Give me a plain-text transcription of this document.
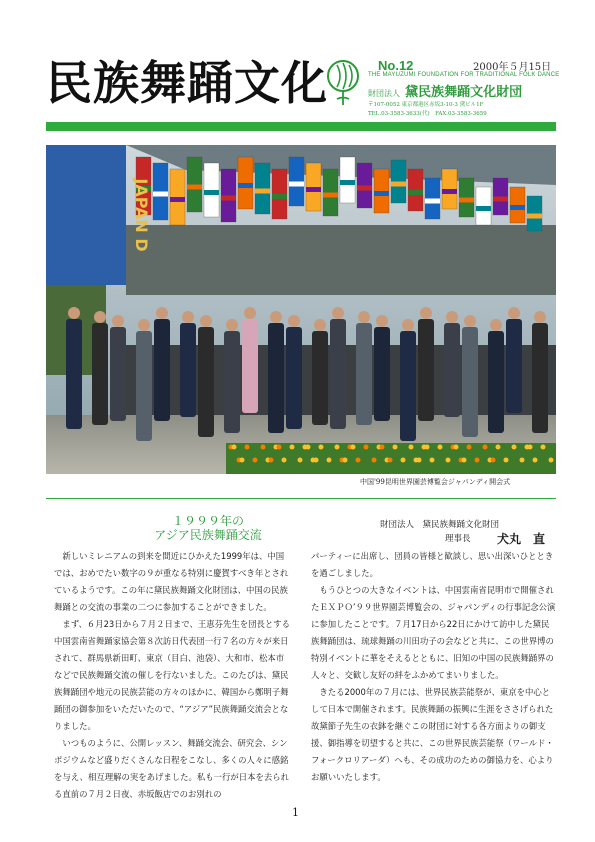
民族舞踊文化	No.12	2000年５月15日
THE MAYUZUMI FOUNDATION FOR TRADITIONAL FOLK DANCE
財団法人 黛民族舞踊文化財団
〒107-0052 東京都港区赤坂3-10-3 黛ビル1F
TEL.03-3583-3633(代)　FAX.03-3583-3659
JAPAN D
中国'99昆明世界園芸博覧会ジャパンディ開会式
１９９９年の
アジア民族舞踊交流
財団法人　黛民族舞踊文化財団
理事長 犬丸　直

新しいミレニアムの到来を間近にひかえた1999年は、中国では、おめでたい数字の９が重なる特別に慶賀すべき年とされているようです。この年に黛民族舞踊文化財団は、中国の民族舞踊との交流の事業の二つに参加することができました。

まず、６月23日から７月２日まで、王恵芬先生を団長とする中国雲南省舞踊家協会第８次訪日代表団一行７名の方々が来日されて、群馬県新田町、東京（目白、池袋）、大和市、松本市などで民族舞踊交流の催しを行ないました。このたびは、黛民族舞踊団や地元の民族芸能の方々のほかに、韓国から鄭明子舞踊団の御参加をいただいたので、“アジア”民族舞踊交流会となりました。

いつものように、公開レッスン、舞踊交流会、研究会、シンポジウムなど盛りだくさんな日程をこなし、多くの人々に感銘を与え、相互理解の実をあげました。私も一行が日本を去られる直前の７月２日夜、赤坂飯店でのお別れの

パーティーに出席し、団員の皆様と歓談し、思い出深いひとときを過ごしました。

もうひとつの大きなイベントは、中国雲南省昆明市で開催されたＥＸＰＯ’９９世界園芸博覧会の、ジャパンディの行事記念公演に参加したことです。７月17日から22日にかけて訪中した黛民族舞踊団は、琉球舞踊の川田功子の会などと共に、この世界博の特別イベントに華をそえるとともに、旧知の中国の民族舞踊界の人々と、交歓し友好の絆をふかめてまいりました。

きたる2000年の７月には、世界民族芸能祭が、東京を中心として日本で開催されます。民族舞踊の振興に生涯をささげられた故黛節子先生の衣鉢を継ぐこの財団に対する各方面よりの御支援、御指導を切望すると共に、この世界民族芸能祭（ワールド・フォークロリアーダ）へも、その成功のための御協力を、心よりお願いいたします。

1
